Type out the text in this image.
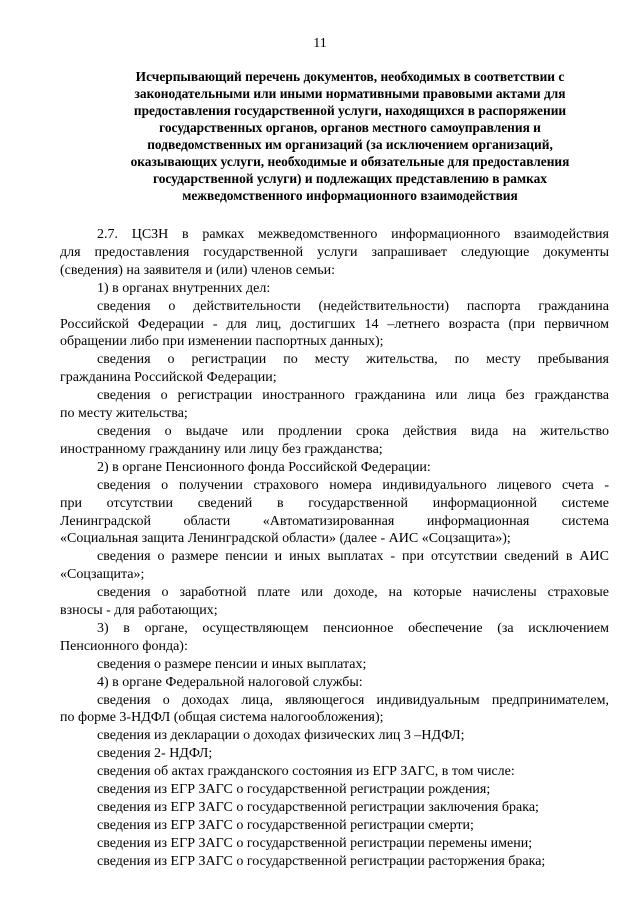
11
Исчерпывающий перечень документов, необходимых в соответствии с
законодательными или иными нормативными правовыми актами для
предоставления государственной услуги, находящихся в распоряжении
государственных органов, органов местного самоуправления и
подведомственных им организаций (за исключением организаций,
оказывающих услуги, необходимые и обязательные для предоставления
государственной услуги) и подлежащих представлению в рамках
межведомственного информационного взаимодействия
2.7. ЦСЗН в рамках межведомственного информационного взаимодействия
для предоставления государственной услуги запрашивает следующие документы
(сведения) на заявителя и (или) членов семьи:
1) в органах внутренних дел:
сведения о действительности (недействительности) паспорта гражданина
Российской Федерации - для лиц, достигших 14 –летнего возраста (при первичном
обращении либо при изменении паспортных данных);
сведения о регистрации по месту жительства, по месту пребывания
гражданина Российской Федерации;
сведения о регистрации иностранного гражданина или лица без гражданства
по месту жительства;
сведения о выдаче или продлении срока действия вида на жительство
иностранному гражданину или лицу без гражданства;
2) в органе Пенсионного фонда Российской Федерации:
сведения о получении страхового номера индивидуального лицевого счета -
при отсутствии сведений в государственной информационной системе
Ленинградской области «Автоматизированная информационная система
«Социальная защита Ленинградской области» (далее - АИС «Соцзащита»);
сведения о размере пенсии и иных выплатах - при отсутствии сведений в АИС
«Соцзащита»;
сведения о заработной плате или доходе, на которые начислены страховые
взносы - для работающих;
3) в органе, осуществляющем пенсионное обеспечение (за исключением
Пенсионного фонда):
сведения о размере пенсии и иных выплатах;
4) в органе Федеральной налоговой службы:
сведения о доходах лица, являющегося индивидуальным предпринимателем,
по форме 3-НДФЛ (общая система налогообложения);
сведения из декларации о доходах физических лиц 3 –НДФЛ;
сведения 2- НДФЛ;
сведения об актах гражданского состояния из ЕГР ЗАГС, в том числе:
сведения из ЕГР ЗАГС о государственной регистрации рождения;
сведения из ЕГР ЗАГС о государственной регистрации заключения брака;
сведения из ЕГР ЗАГС о государственной регистрации смерти;
сведения из ЕГР ЗАГС о государственной регистрации перемены имени;
сведения из ЕГР ЗАГС о государственной регистрации расторжения брака;
